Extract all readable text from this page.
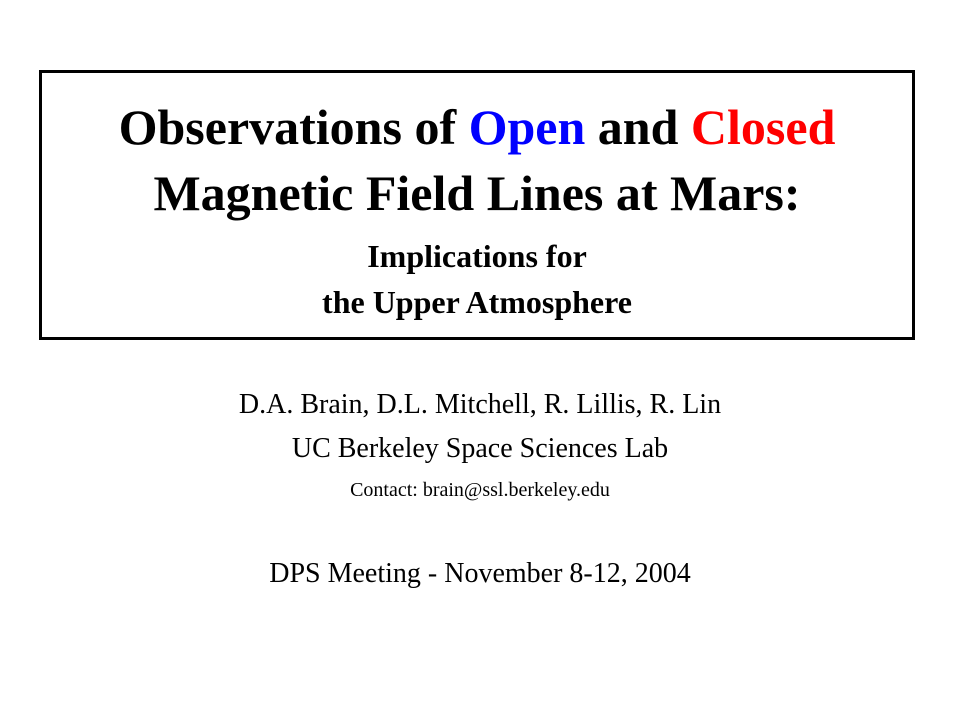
Observations of Open and Closed
Magnetic Field Lines at Mars:
Implications for
the Upper Atmosphere
D.A. Brain, D.L. Mitchell, R. Lillis, R. Lin
UC Berkeley Space Sciences Lab
Contact: brain@ssl.berkeley.edu
DPS Meeting - November 8-12, 2004
